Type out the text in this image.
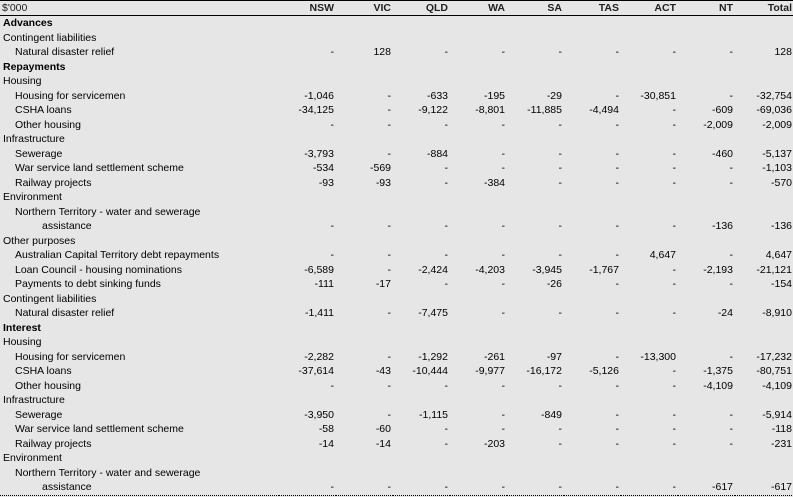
$'000	NSW	VIC	QLD	WA	SA	TAS	ACT	NT	Total
Advances									
Contingent liabilities									
Natural disaster relief	-	128	-	-	-	-	-	-	128
Repayments									
Housing									
Housing for servicemen	-1,046	-	-633	-195	-29	-	-30,851	-	-32,754
CSHA loans	-34,125	-	-9,122	-8,801	-11,885	-4,494	-	-609	-69,036
Other housing	-	-	-	-	-	-	-	-2,009	-2,009
Infrastructure									
Sewerage	-3,793	-	-884	-	-	-	-	-460	-5,137
War service land settlement scheme	-534	-569	-	-	-	-	-	-	-1,103
Railway projects	-93	-93	-	-384	-	-	-	-	-570
Environment									
Northern Territory - water and sewerage									
assistance	-	-	-	-	-	-	-	-136	-136
Other purposes									
Australian Capital Territory debt repayments	-	-	-	-	-	-	4,647	-	4,647
Loan Council - housing nominations	-6,589	-	-2,424	-4,203	-3,945	-1,767	-	-2,193	-21,121
Payments to debt sinking funds	-111	-17	-	-	-26	-	-	-	-154
Contingent liabilities									
Natural disaster relief	-1,411	-	-7,475	-	-	-	-	-24	-8,910
Interest									
Housing									
Housing for servicemen	-2,282	-	-1,292	-261	-97	-	-13,300	-	-17,232
CSHA loans	-37,614	-43	-10,444	-9,977	-16,172	-5,126	-	-1,375	-80,751
Other housing	-	-	-	-	-	-	-	-4,109	-4,109
Infrastructure									
Sewerage	-3,950	-	-1,115	-	-849	-	-	-	-5,914
War service land settlement scheme	-58	-60	-	-	-	-	-	-	-118
Railway projects	-14	-14	-	-203	-	-	-	-	-231
Environment									
Northern Territory - water and sewerage									
assistance	-	-	-	-	-	-	-	-617	-617
